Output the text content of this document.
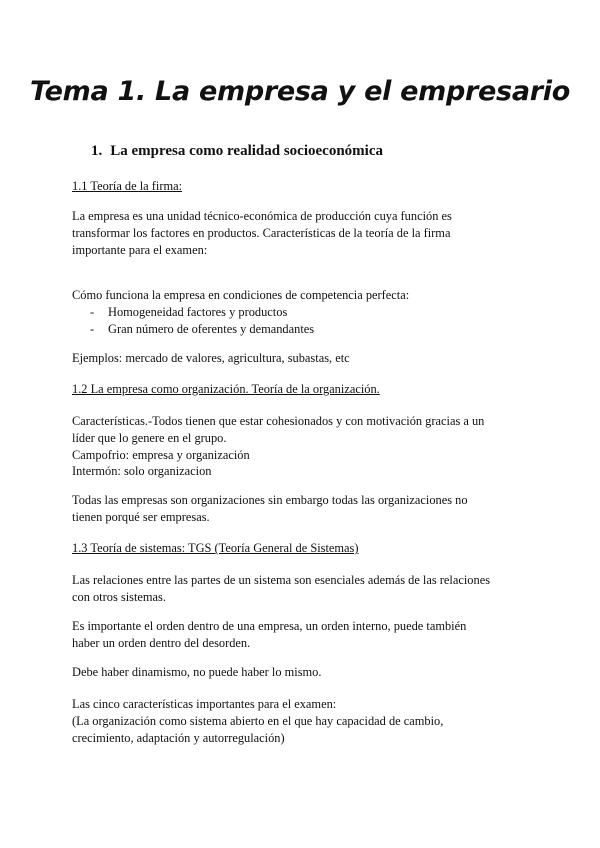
Tema 1. La empresa y el empresario
1. La empresa como realidad socioeconómica

1.1 Teoría de la firma:

La empresa es una unidad técnico-económica de producción cuya función es
transformar los factores en productos. Características de la teoría de la firma
importante para el examen:

Cómo funciona la empresa en condiciones de competencia perfecta:
- Homogeneidad factores y productos
- Gran número de oferentes y demandantes

Ejemplos: mercado de valores, agricultura, subastas, etc

1.2 La empresa como organización. Teoría de la organización.

Características.-Todos tienen que estar cohesionados y con motivación gracias a un
líder que lo genere en el grupo.
Campofrio: empresa y organización
Intermón: solo organizacion

Todas las empresas son organizaciones sin embargo todas las organizaciones no
tienen porqué ser empresas.

1.3 Teoría de sistemas: TGS (Teoría General de Sistemas)

Las relaciones entre las partes de un sistema son esenciales además de las relaciones
con otros sistemas.

Es importante el orden dentro de una empresa, un orden interno, puede también
haber un orden dentro del desorden.

Debe haber dinamismo, no puede haber lo mismo.

Las cinco características importantes para el examen:
(La organización como sistema abierto en el que hay capacidad de cambio,
crecimiento, adaptación y autorregulación)
